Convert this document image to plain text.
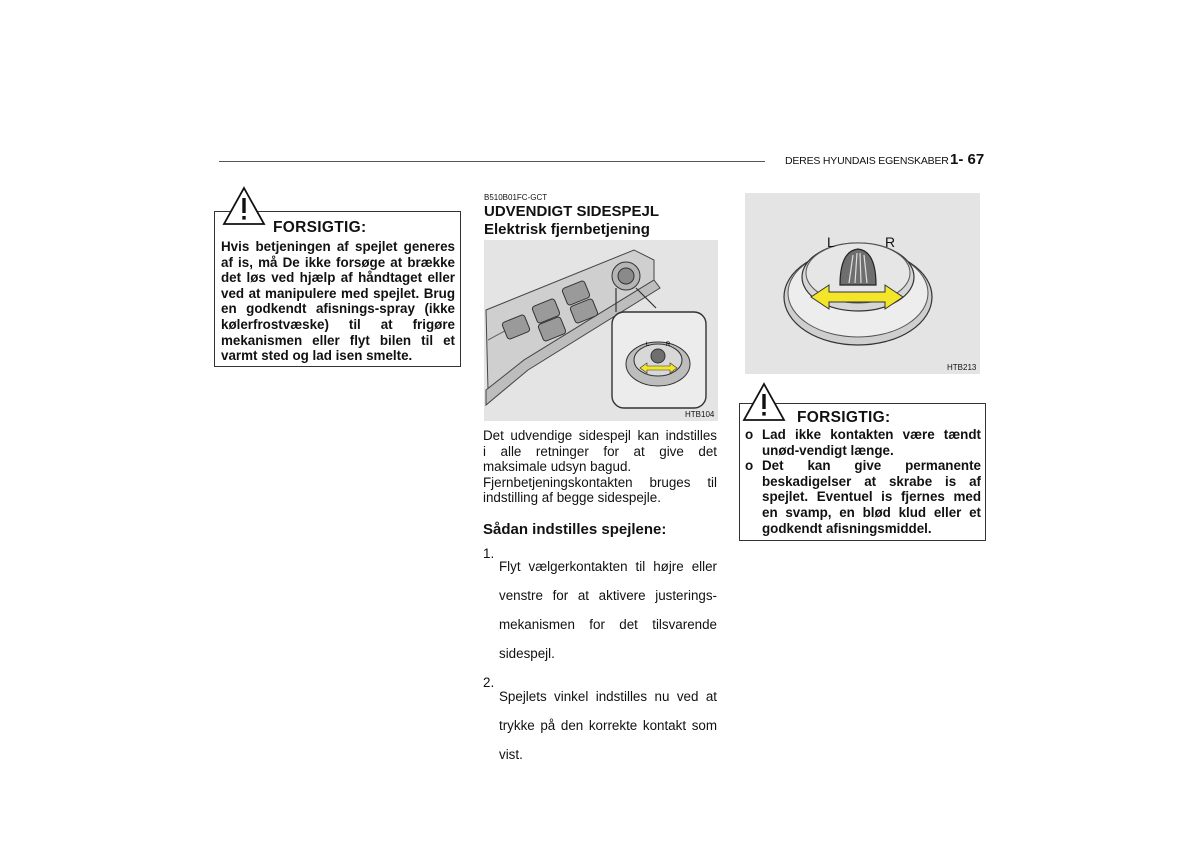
DERES HYUNDAIS EGENSKABER 1- 67
FORSIGTIG:

Hvis betjeningen af spejlet generes

af is, må De ikke forsøge at brække

det løs ved hjælp af håndtaget eller

ved at manipulere med spejlet. Brug

en godkendt afisnings-spray (ikke

kølerfrostvæske) til at frigøre

mekanismen eller flyt bilen til et

varmt sted og lad isen smelte.

B510B01FC-GCT
UDVENDIGT SIDESPEJL
Elektrisk fjernbetjening
L	R
HTB104

Det udvendige sidespejl kan indstilles

i alle retninger for at give det

maksimale udsyn bagud.

Fjernbetjeningskontakten bruges til

indstilling af begge sidespejle.

Sådan indstilles spejlene:
1.

Flyt vælgerkontakten til højre eller

venstre for at aktivere justerings-

mekanismen for det tilsvarende

sidespejl.

2.

Spejlets vinkel indstilles nu ved at

trykke på den korrekte kontakt som

vist.

L	R
HTB213
FORSIGTIG:
o Lad ikke kontakten være tændt

unød-vendigt længe.

o Det kan give permanente

beskadigelser at skrabe is af

spejlet. Eventuel is fjernes med

en svamp, en blød klud eller et

godkendt afisningsmiddel.
